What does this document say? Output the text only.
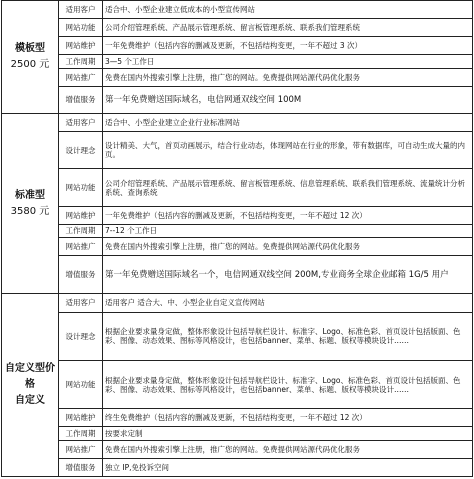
模板型
2500 元	适用客户	适合中、小型企业建立低成本的小型宣传网站
	网站功能	公司介绍管理系统、产品展示管理系统、留言板管理系统、联系我们管理系统
	网站维护	一年免费维护（包括内容的删减及更新，不包括结构变更，一年不超过 3 次）
	工作周期	3—5 个工作日
	网站推广	免费在国内外搜索引擎上注册，推广您的网站。免费提供网站源代码优化服务
	增值服务	第一年免费赠送国际域名，电信网通双线空间 100M

标准型
3580 元	适用客户	适合中、小型企业建立企业行业标准网站
	设计理念	设计精美、大气，首页动画展示，结合行业动态，体现网站在行业的形象，带有数据库，可自动生成大量的内页。
	网站功能	公司介绍管理系统、产品展示管理系统、留言板管理系统、信息管理系统、联系我们管理系统、流量统计分析系统、查询系统
	网站维护	一年免费维护（包括内容的删减及更新，不包括结构变更，一年不超过 12 次）
	工作周期	7--12 个工作日
	网站推广	免费在国内外搜索引擎上注册，推广您的网站。免费提供网站源代码优化服务
	增值服务	第一年免费赠送国际域名一个，电信网通双线空间 200M,专业商务全球企业邮箱 1G/5 用户

自定义型价格
自定义	适用客户	适用客户 适合大、中、小型企业自定义宣传网站
	设计理念	根据企业要求量身定做，整体形象设计包括导航栏设计、标准字、Logo、标准色彩、首页设计包括版面、色彩、图像、动态效果、图标等风格设计，也包括banner、菜单、标题、版权等模块设计……
	网站功能	根据企业要求量身定做，整体形象设计包括导航栏设计、标准字、Logo、标准色彩、首页设计包括版面、色彩、图像、动态效果、图标等风格设计，也包括banner、菜单、标题、版权等模块设计……
	网站维护	终生免费维护（包括内容的删减及更新，不包括结构变更，一年不超过 12 次）
	工作周期	按要求定制
	网站推广	免费在国内外搜索引擎上注册，推广您的网站。免费提供网站源代码优化服务
	增值服务	独立 IP,免投诉空间
